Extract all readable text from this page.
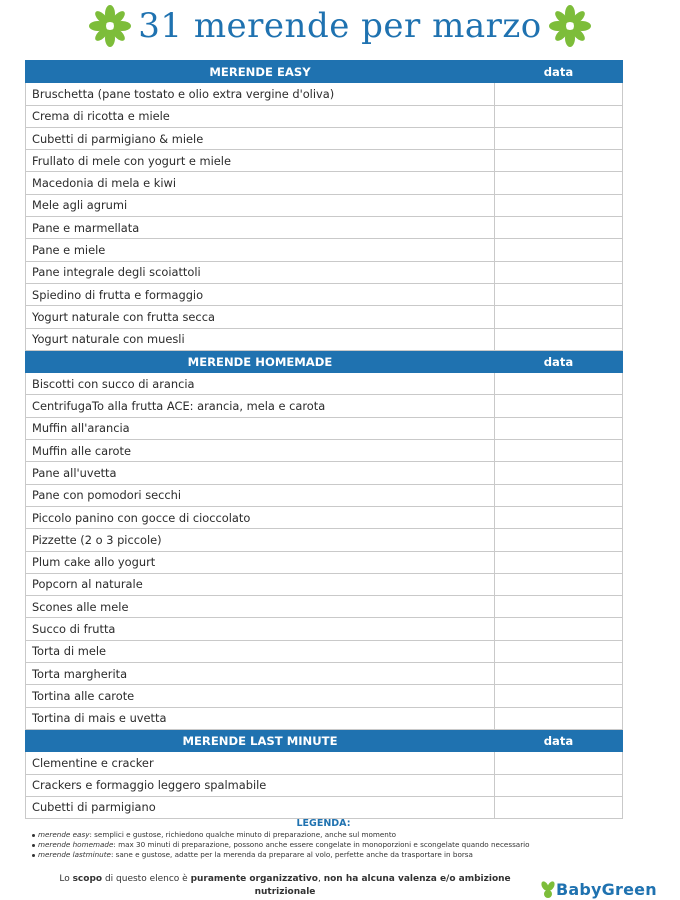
31 merende per marzo
MERENDE EASY	data
Bruschetta (pane tostato e olio extra vergine d'oliva)	
Crema di ricotta e miele	
Cubetti di parmigiano & miele	
Frullato di mele con yogurt e miele	
Macedonia di mela e kiwi	
Mele agli agrumi	
Pane e marmellata	
Pane e miele	
Pane integrale degli scoiattoli	
Spiedino di frutta e formaggio	
Yogurt naturale con frutta secca	
Yogurt naturale con muesli	
MERENDE HOMEMADE	data
Biscotti con succo di arancia	
CentrifugaTo alla frutta ACE: arancia, mela e carota	
Muffin all'arancia	
Muffin alle carote	
Pane all'uvetta	
Pane con pomodori secchi	
Piccolo panino con gocce di cioccolato	
Pizzette (2 o 3 piccole)	
Plum cake allo yogurt	
Popcorn al naturale	
Scones alle mele	
Succo di frutta	
Torta di mele	
Torta margherita	
Tortina alle carote	
Tortina di mais e uvetta	
MERENDE LAST MINUTE	data
Clementine e cracker	
Crackers e formaggio leggero spalmabile	
Cubetti di parmigiano	
LEGENDA:
merende easy: semplici e gustose, richiedono qualche minuto di preparazione, anche sul momento
merende homemade: max 30 minuti di preparazione, possono anche essere congelate in monoporzioni e scongelate quando necessario
merende lastminute: sane e gustose, adatte per la merenda da preparare al volo, perfette anche da trasportare in borsa
Lo scopo di questo elenco è puramente organizzativo, non ha alcuna valenza e/o ambizione nutrizionale	BabyGreen
